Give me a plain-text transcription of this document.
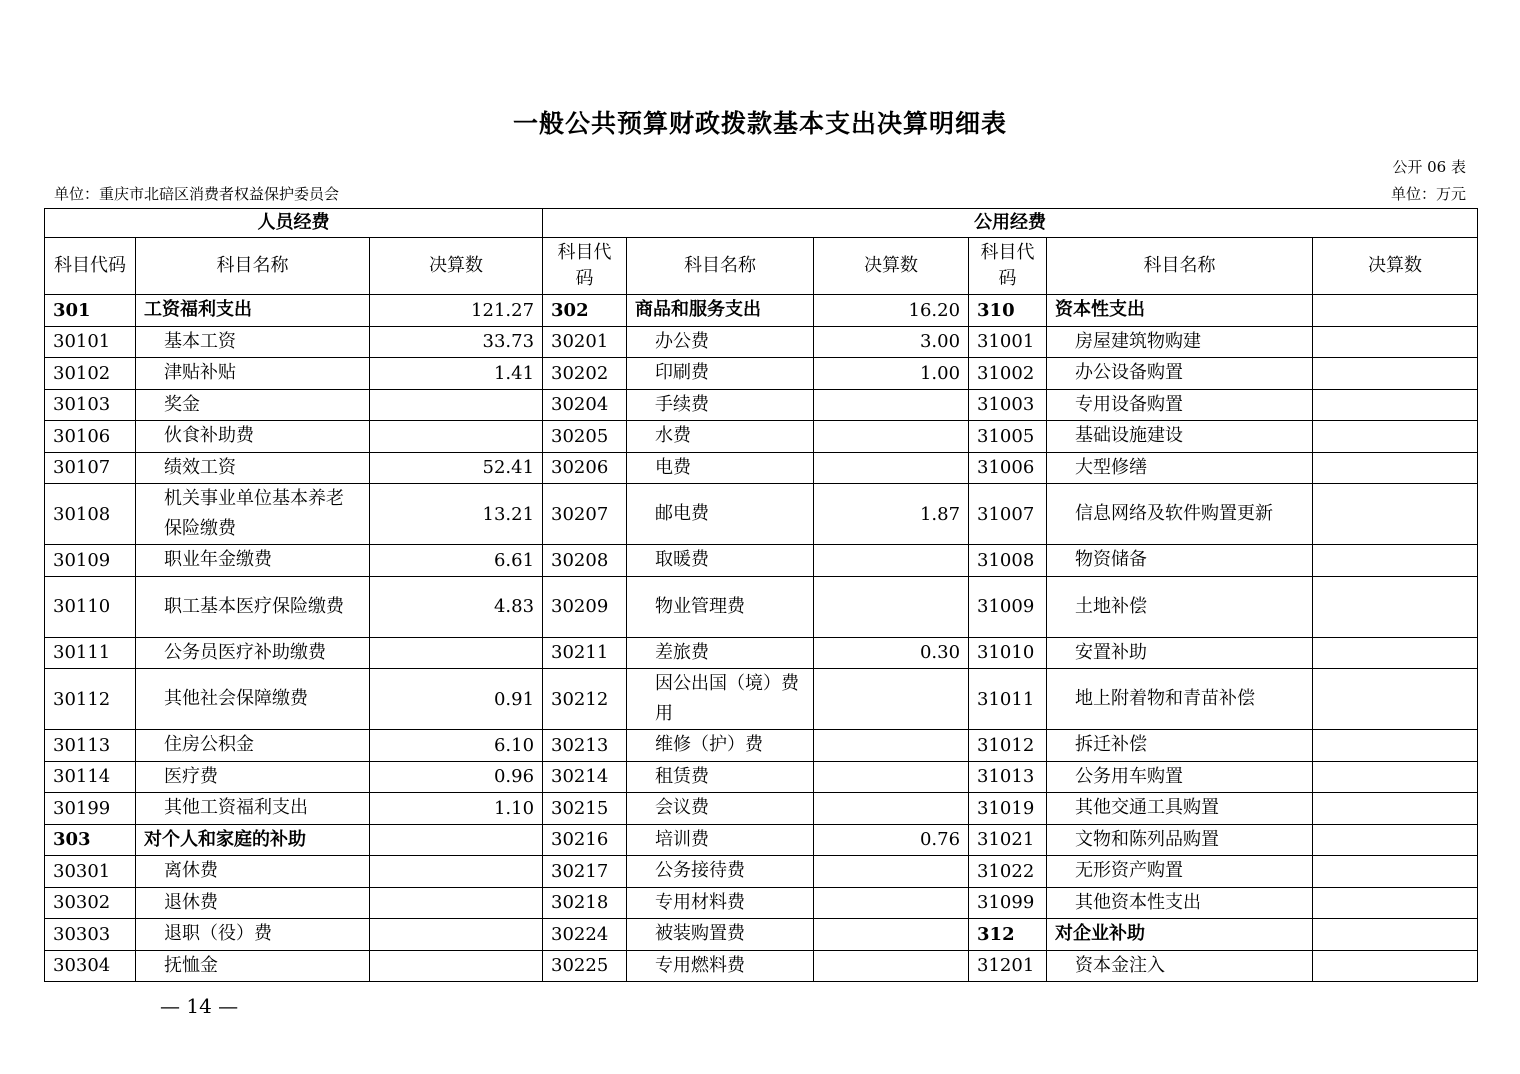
一般公共预算财政拨款基本支出决算明细表
公开 06 表
单位：重庆市北碚区消费者权益保护委员会	单位：万元
人员经费			公用经费					
科目代码	科目名称	决算数	科目代码	科目名称	决算数	科目代码	科目名称	决算数
301	工资福利支出	121.27	302	商品和服务支出	16.20	310	资本性支出	
30101	基本工资	33.73	30201	办公费	3.00	31001	房屋建筑物购建	
30102	津贴补贴	1.41	30202	印刷费	1.00	31002	办公设备购置	
30103	奖金		30204	手续费		31003	专用设备购置	
30106	伙食补助费		30205	水费		31005	基础设施建设	
30107	绩效工资	52.41	30206	电费		31006	大型修缮	
30108	机关事业单位基本养老保险缴费	13.21	30207	邮电费	1.87	31007	信息网络及软件购置更新	
30109	职业年金缴费	6.61	30208	取暖费		31008	物资储备	
30110	职工基本医疗保险缴费	4.83	30209	物业管理费		31009	土地补偿	
30111	公务员医疗补助缴费		30211	差旅费	0.30	31010	安置补助	
30112	其他社会保障缴费	0.91	30212	因公出国（境）费用		31011	地上附着物和青苗补偿	
30113	住房公积金	6.10	30213	维修（护）费		31012	拆迁补偿	
30114	医疗费	0.96	30214	租赁费		31013	公务用车购置	
30199	其他工资福利支出	1.10	30215	会议费		31019	其他交通工具购置	
303	对个人和家庭的补助		30216	培训费	0.76	31021	文物和陈列品购置	
30301	离休费		30217	公务接待费		31022	无形资产购置	
30302	退休费		30218	专用材料费		31099	其他资本性支出	
30303	退职（役）费		30224	被装购置费		312	对企业补助	
30304	抚恤金		30225	专用燃料费		31201	资本金注入	
— 14 —
